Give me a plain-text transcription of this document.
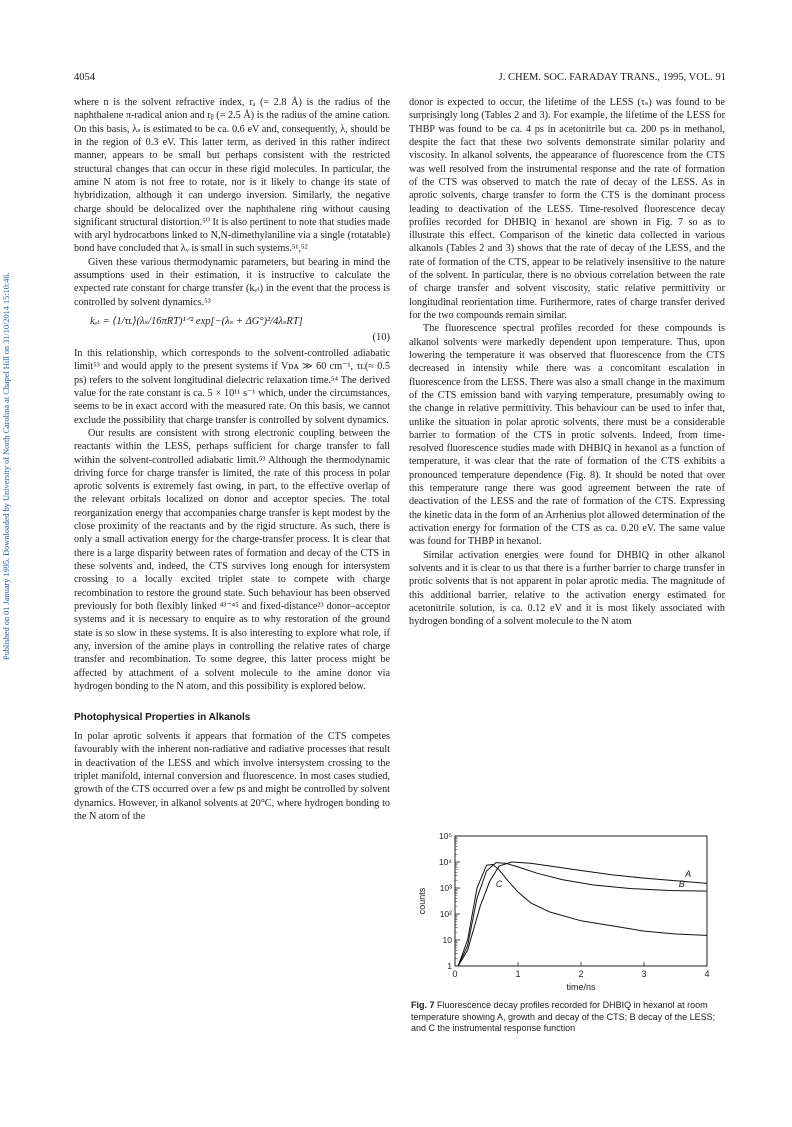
4054	J. CHEM. SOC. FARADAY TRANS., 1995, VOL. 91
Published on 01 January 1995. Downloaded by University of North Carolina at Chapel Hill on 31/10/2014 15:10:46.

where n is the solvent refractive index, rₐ (= 2.8 Å) is the radius of the naphthalene π-radical anion and rᵦ (= 2.5 Å) is the radius of the amine cation. On this basis, λₛ is estimated to be ca. 0.6 eV and, consequently, λ, should be in the region of 0.3 eV. This latter term, as derived in this rather indirect manner, appears to be small but perhaps consistent with the restricted structural changes that can occur in these rigid molecules. In particular, the amine N atom is not free to rotate, nor is it likely to change its state of hybridization, although it can undergo inversion. Similarly, the negative charge should be delocalized over the naphthalene ring without causing significant structural distortion.⁵⁰ It is also pertinent to note that studies made with aryl hydrocarbons linked to N,N-dimethylaniline via a single (rotatable) bond have concluded that λᵥ is small in such systems.⁵¹,⁵²

Given these various thermodynamic parameters, but bearing in mind the assumptions used in their estimation, it is instructive to calculate the expected rate constant for charge transfer (kₑₜ) in the event that the process is controlled by solvent dynamics.⁵³

kₑₜ = ⟨1/τʟ⟩(λₛ/16πRT)¹ᐟ² exp[−(λₛ + ΔG°)²/4λₛRT]
(10)

In this relationship, which corresponds to the solvent-controlled adiabatic limit⁵³ and would apply to the present systems if Vᴅᴀ ≫ 60 cm⁻¹, τʟ(≈ 0.5 ps) refers to the solvent longitudinal dielectric relaxation time.⁵⁴ The derived value for the rate constant is ca. 5 × 10¹¹ s⁻¹ which, under the circumstances, seems to be in exact accord with the measured rate. On this basis, we cannot exclude the possibility that charge transfer is controlled by solvent dynamics.

Our results are consistent with strong electronic coupling between the reactants within the LESS, perhaps sufficient for charge transfer to fall within the solvent-controlled adiabatic limit.⁵³ Although the thermodynamic driving force for charge transfer is limited, the rate of this process in polar aprotic solvents is extremely fast owing, in part, to the effective overlap of the relevant orbitals localized on donor and acceptor species. The total reorganization energy that accompanies charge transfer is kept modest by the close proximity of the reactants and by the rigid structure. As such, there is only a small activation energy for the charge-transfer process. It is clear that there is a large disparity between rates of formation and decay of the CTS in these solvents and, indeed, the CTS survives long enough for intersystem crossing to a locally excited triplet state to compete with charge recombination to restore the ground state. Such behaviour has been observed previously for both flexibly linked ⁴³⁻⁴⁵ and fixed-distance²³ donor–acceptor systems and it is necessary to enquire as to why restoration of the ground state is so slow in these systems. It is also interesting to explore what role, if any, inversion of the amine plays in controlling the relative rates of charge transfer and recombination. To some degree, this latter process might be affected by attachment of a solvent molecule to the amine donor via hydrogen bonding to the N atom, and this possibility is explored below.

Photophysical Properties in Alkanols

In polar aprotic solvents it appears that formation of the CTS competes favourably with the inherent non-radiative and radiative processes that result in deactivation of the LESS and which involve intersystem crossing to the triplet manifold, internal conversion and fluorescence. In most cases studied, growth of the CTS occurred over a few ps and might be controlled by solvent dynamics. However, in alkanol solvents at 20°C, where hydrogen bonding to the N atom of the

donor is expected to occur, the lifetime of the LESS (τₛ) was found to be surprisingly long (Tables 2 and 3). For example, the lifetime of the LESS for THBP was found to be ca. 4 ps in acetonitrile but ca. 200 ps in methanol, despite the fact that these two solvents demonstrate similar polarity and viscosity. In alkanol solvents, the appearance of fluorescence from the CTS was well resolved from the instrumental response and the rate of formation of the CTS was observed to match the rate of decay of the LESS. As in aprotic solvents, charge transfer to form the CTS is the dominant process leading to deactivation of the LESS. Time-resolved fluorescence decay profiles recorded for DHBIQ in hexanol are shown in Fig. 7 so as to illustrate this effect. Comparison of the kinetic data collected in various alkanols (Tables 2 and 3) shows that the rate of decay of the LESS, and the rate of formation of the CTS, appear to be relatively insensitive to the nature of the solvent. In particular, there is no obvious correlation between the rate of charge transfer and solvent viscosity, static relative permittivity or longitudinal reorientation time. Furthermore, rates of charge transfer derived for the two compounds remain similar.

The fluorescence spectral profiles recorded for these compounds is alkanol solvents were markedly dependent upon temperature. Thus, upon lowering the temperature it was observed that fluorescence from the CTS decreased in intensity while there was a concomitant escalation in fluorescence from the LESS. There was also a small change in the maximum of the CTS emission band with varying temperature, presumably owing to the change in relative permittivity. This behaviour can be used to infer that, unlike the situation in polar aprotic solvents, there must be a considerable barrier to formation of the CTS in protic solvents. Indeed, from time-resolved fluorescence studies made with DHBIQ in hexanol as a function of temperature, it was clear that the rate of formation of the CTS exhibits a pronounced temperature dependence (Fig. 8). It should be noted that over this temperature range there was good agreement between the rate of deactivation of the LESS and the rate of formation of the CTS. Expressing the kinetic data in the form of an Arrhenius plot allowed determination of the activation energy for formation of the CTS as ca. 0.20 eV. The same value was found for THBP in hexanol.

Similar activation energies were found for DHBIQ in other alkanol solvents and it is clear to us that there is a further barrier to charge transfer in protic solvents that is not apparent in polar aprotic media. The magnitude of this additional barrier, relative to the activation energy estimated for acetonitrile solution, is ca. 0.12 eV and it is most likely associated with hydrogen bonding of a solvent molecule to the N atom

0	1	2	3	4
1
10
10²
10³
10⁴
10⁵
time/ns
counts
A
B
C
Fig. 7 Fluorescence decay profiles recorded for DHBIQ in hexanol at room temperature showing A, growth and decay of the CTS; B decay of the LESS; and C the instrumental response function
